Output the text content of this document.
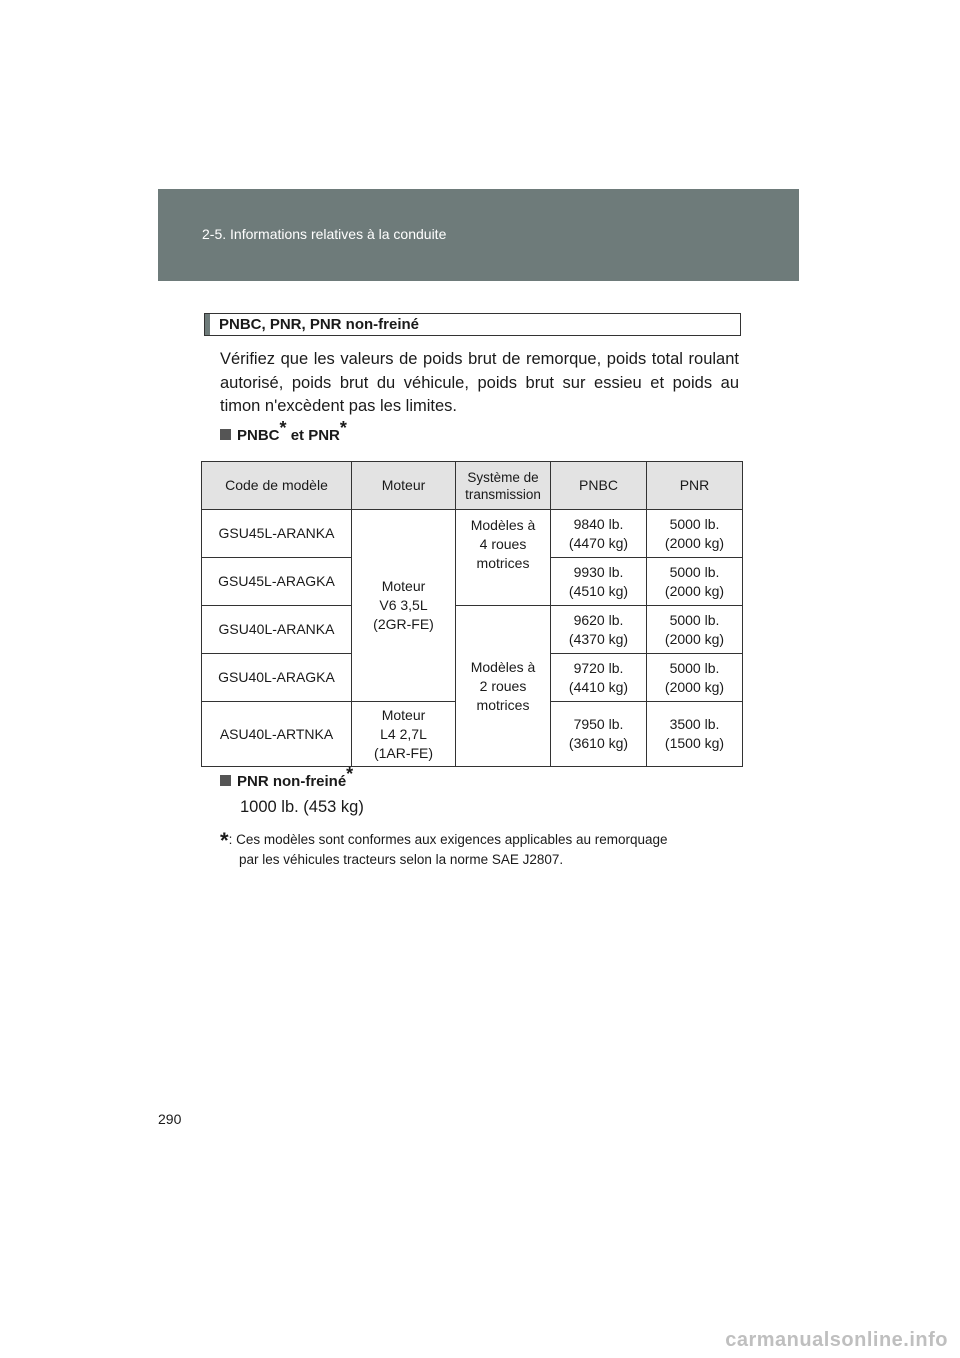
2-5. Informations relatives à la conduite
PNBC, PNR, PNR non-freiné
Vérifiez que les valeurs de poids brut de remorque, poids total roulant autorisé, poids brut du véhicule, poids brut sur essieu et poids au timon n'excèdent pas les limites.
PNBC* et PNR*
Code de modèle	Moteur	Système de transmission	PNBC	PNR
GSU45L-ARANKA	Moteur
V6 3,5L
(2GR-FE)	Modèles à
4 roues
motrices	9840 lb.
(4470 kg)	5000 lb.
(2000 kg)
GSU45L-ARAGKA			9930 lb.
(4510 kg)	5000 lb.
(2000 kg)
GSU40L-ARANKA		Modèles à
2 roues
motrices	9620 lb.
(4370 kg)	5000 lb.
(2000 kg)
GSU40L-ARAGKA			9720 lb.
(4410 kg)	5000 lb.
(2000 kg)
ASU40L-ARTNKA	Moteur
L4 2,7L
(1AR-FE)		7950 lb.
(3610 kg)	3500 lb.
(1500 kg)
PNR non-freiné*
1000 lb. (453 kg)
*: Ces modèles sont conformes aux exigences applicables au remorquage
par les véhicules tracteurs selon la norme SAE J2807.
290
carmanualsonline.info
